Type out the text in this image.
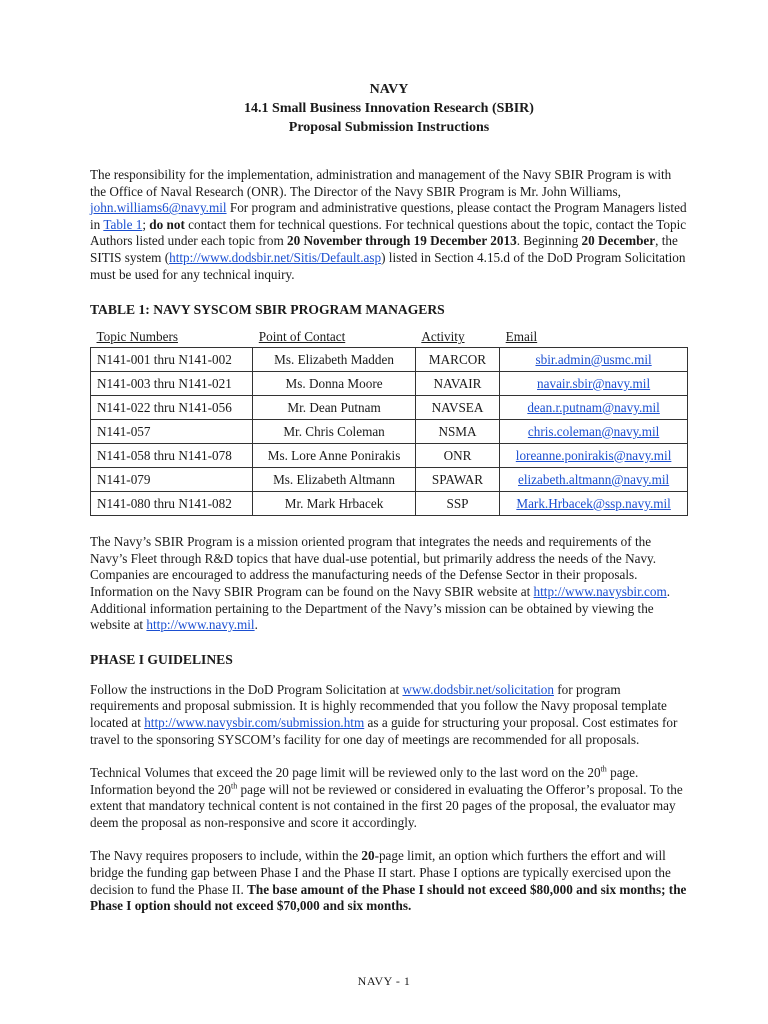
NAVY
14.1 Small Business Innovation Research (SBIR)
Proposal Submission Instructions

The responsibility for the implementation, administration and management of the Navy SBIR Program is with the Office of Naval Research (ONR). The Director of the Navy SBIR Program is Mr. John Williams, john.williams6@navy.mil For program and administrative questions, please contact the Program Managers listed in Table 1; do not contact them for technical questions. For technical questions about the topic, contact the Topic Authors listed under each topic from 20 November through 19 December 2013. Beginning 20 December, the SITIS system (http://www.dodsbir.net/Sitis/Default.asp) listed in Section 4.15.d of the DoD Program Solicitation must be used for any technical inquiry.

TABLE 1: NAVY SYSCOM SBIR PROGRAM MANAGERS
Topic Numbers	Point of Contact	Activity	Email
N141-001 thru N141-002	Ms. Elizabeth Madden	MARCOR	sbir.admin@usmc.mil
N141-003 thru N141-021	Ms. Donna Moore	NAVAIR	navair.sbir@navy.mil
N141-022 thru N141-056	Mr. Dean Putnam	NAVSEA	dean.r.putnam@navy.mil
N141-057	Mr. Chris Coleman	NSMA	chris.coleman@navy.mil
N141-058 thru N141-078	Ms. Lore Anne Ponirakis	ONR	loreanne.ponirakis@navy.mil
N141-079	Ms. Elizabeth Altmann	SPAWAR	elizabeth.altmann@navy.mil
N141-080 thru N141-082	Mr. Mark Hrbacek	SSP	Mark.Hrbacek@ssp.navy.mil

The Navy’s SBIR Program is a mission oriented program that integrates the needs and requirements of the Navy’s Fleet through R&D topics that have dual-use potential, but primarily address the needs of the Navy. Companies are encouraged to address the manufacturing needs of the Defense Sector in their proposals. Information on the Navy SBIR Program can be found on the Navy SBIR website at http://www.navysbir.com. Additional information pertaining to the Department of the Navy’s mission can be obtained by viewing the website at http://www.navy.mil.

PHASE I GUIDELINES

Follow the instructions in the DoD Program Solicitation at www.dodsbir.net/solicitation for program requirements and proposal submission. It is highly recommended that you follow the Navy proposal template located at http://www.navysbir.com/submission.htm as a guide for structuring your proposal. Cost estimates for travel to the sponsoring SYSCOM’s facility for one day of meetings are recommended for all proposals.

Technical Volumes that exceed the 20 page limit will be reviewed only to the last word on the 20th page. Information beyond the 20th page will not be reviewed or considered in evaluating the Offeror’s proposal. To the extent that mandatory technical content is not contained in the first 20 pages of the proposal, the evaluator may deem the proposal as non-responsive and score it accordingly.

The Navy requires proposers to include, within the 20-page limit, an option which furthers the effort and will bridge the funding gap between Phase I and the Phase II start. Phase I options are typically exercised upon the decision to fund the Phase II. The base amount of the Phase I should not exceed $80,000 and six months; the Phase I option should not exceed $70,000 and six months.

NAVY - 1
